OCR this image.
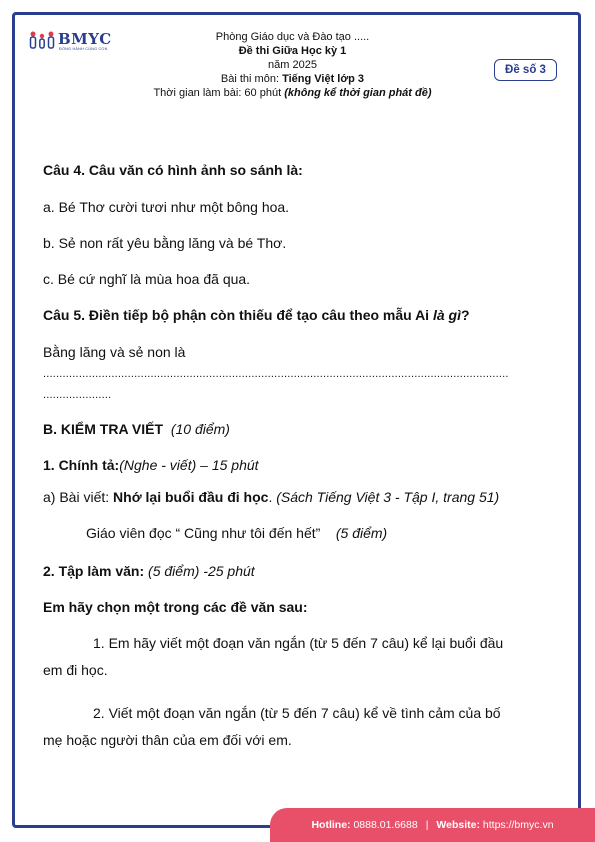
BMYC
ĐỒNG HÀNH CÙNG CON
Phòng Giáo dục và Đào tạo .....
Đề thi Giữa Học kỳ 1
năm 2025
Bài thi môn: Tiếng Việt lớp 3
Thời gian làm bài: 60 phút (không kể thời gian phát đề)
Đề số 3
Câu 4. Câu văn có hình ảnh so sánh là:
a. Bé Thơ cười tươi như một bông hoa.
b. Sẻ non rất yêu bằng lăng và bé Thơ.
c. Bé cứ nghĩ là mùa hoa đã qua.
Câu 5. Điền tiếp bộ phận còn thiếu để tạo câu theo mẫu Ai là gì?
Bằng lăng và sẻ non là
...............................................................................................................................................
.....................
B. KIỂM TRA VIẾT (10 điểm)
1. Chính tả:(Nghe - viết) – 15 phút
a) Bài viết: Nhớ lại buổi đầu đi học. (Sách Tiếng Việt 3 - Tập I, trang 51)
Giáo viên đọc “ Cũng như tôi đến hết” (5 điểm)
2. Tập làm văn: (5 điểm) -25 phút
Em hãy chọn một trong các đề văn sau:
1. Em hãy viết một đoạn văn ngắn (từ 5 đến 7 câu) kể lại buổi đầu
em đi học.
2. Viết một đoạn văn ngắn (từ 5 đến 7 câu) kể về tình cảm của bố
mẹ hoặc người thân của em đối với em.
Hotline:
0888.01.6688 | Website:
https://bmyc.vn
